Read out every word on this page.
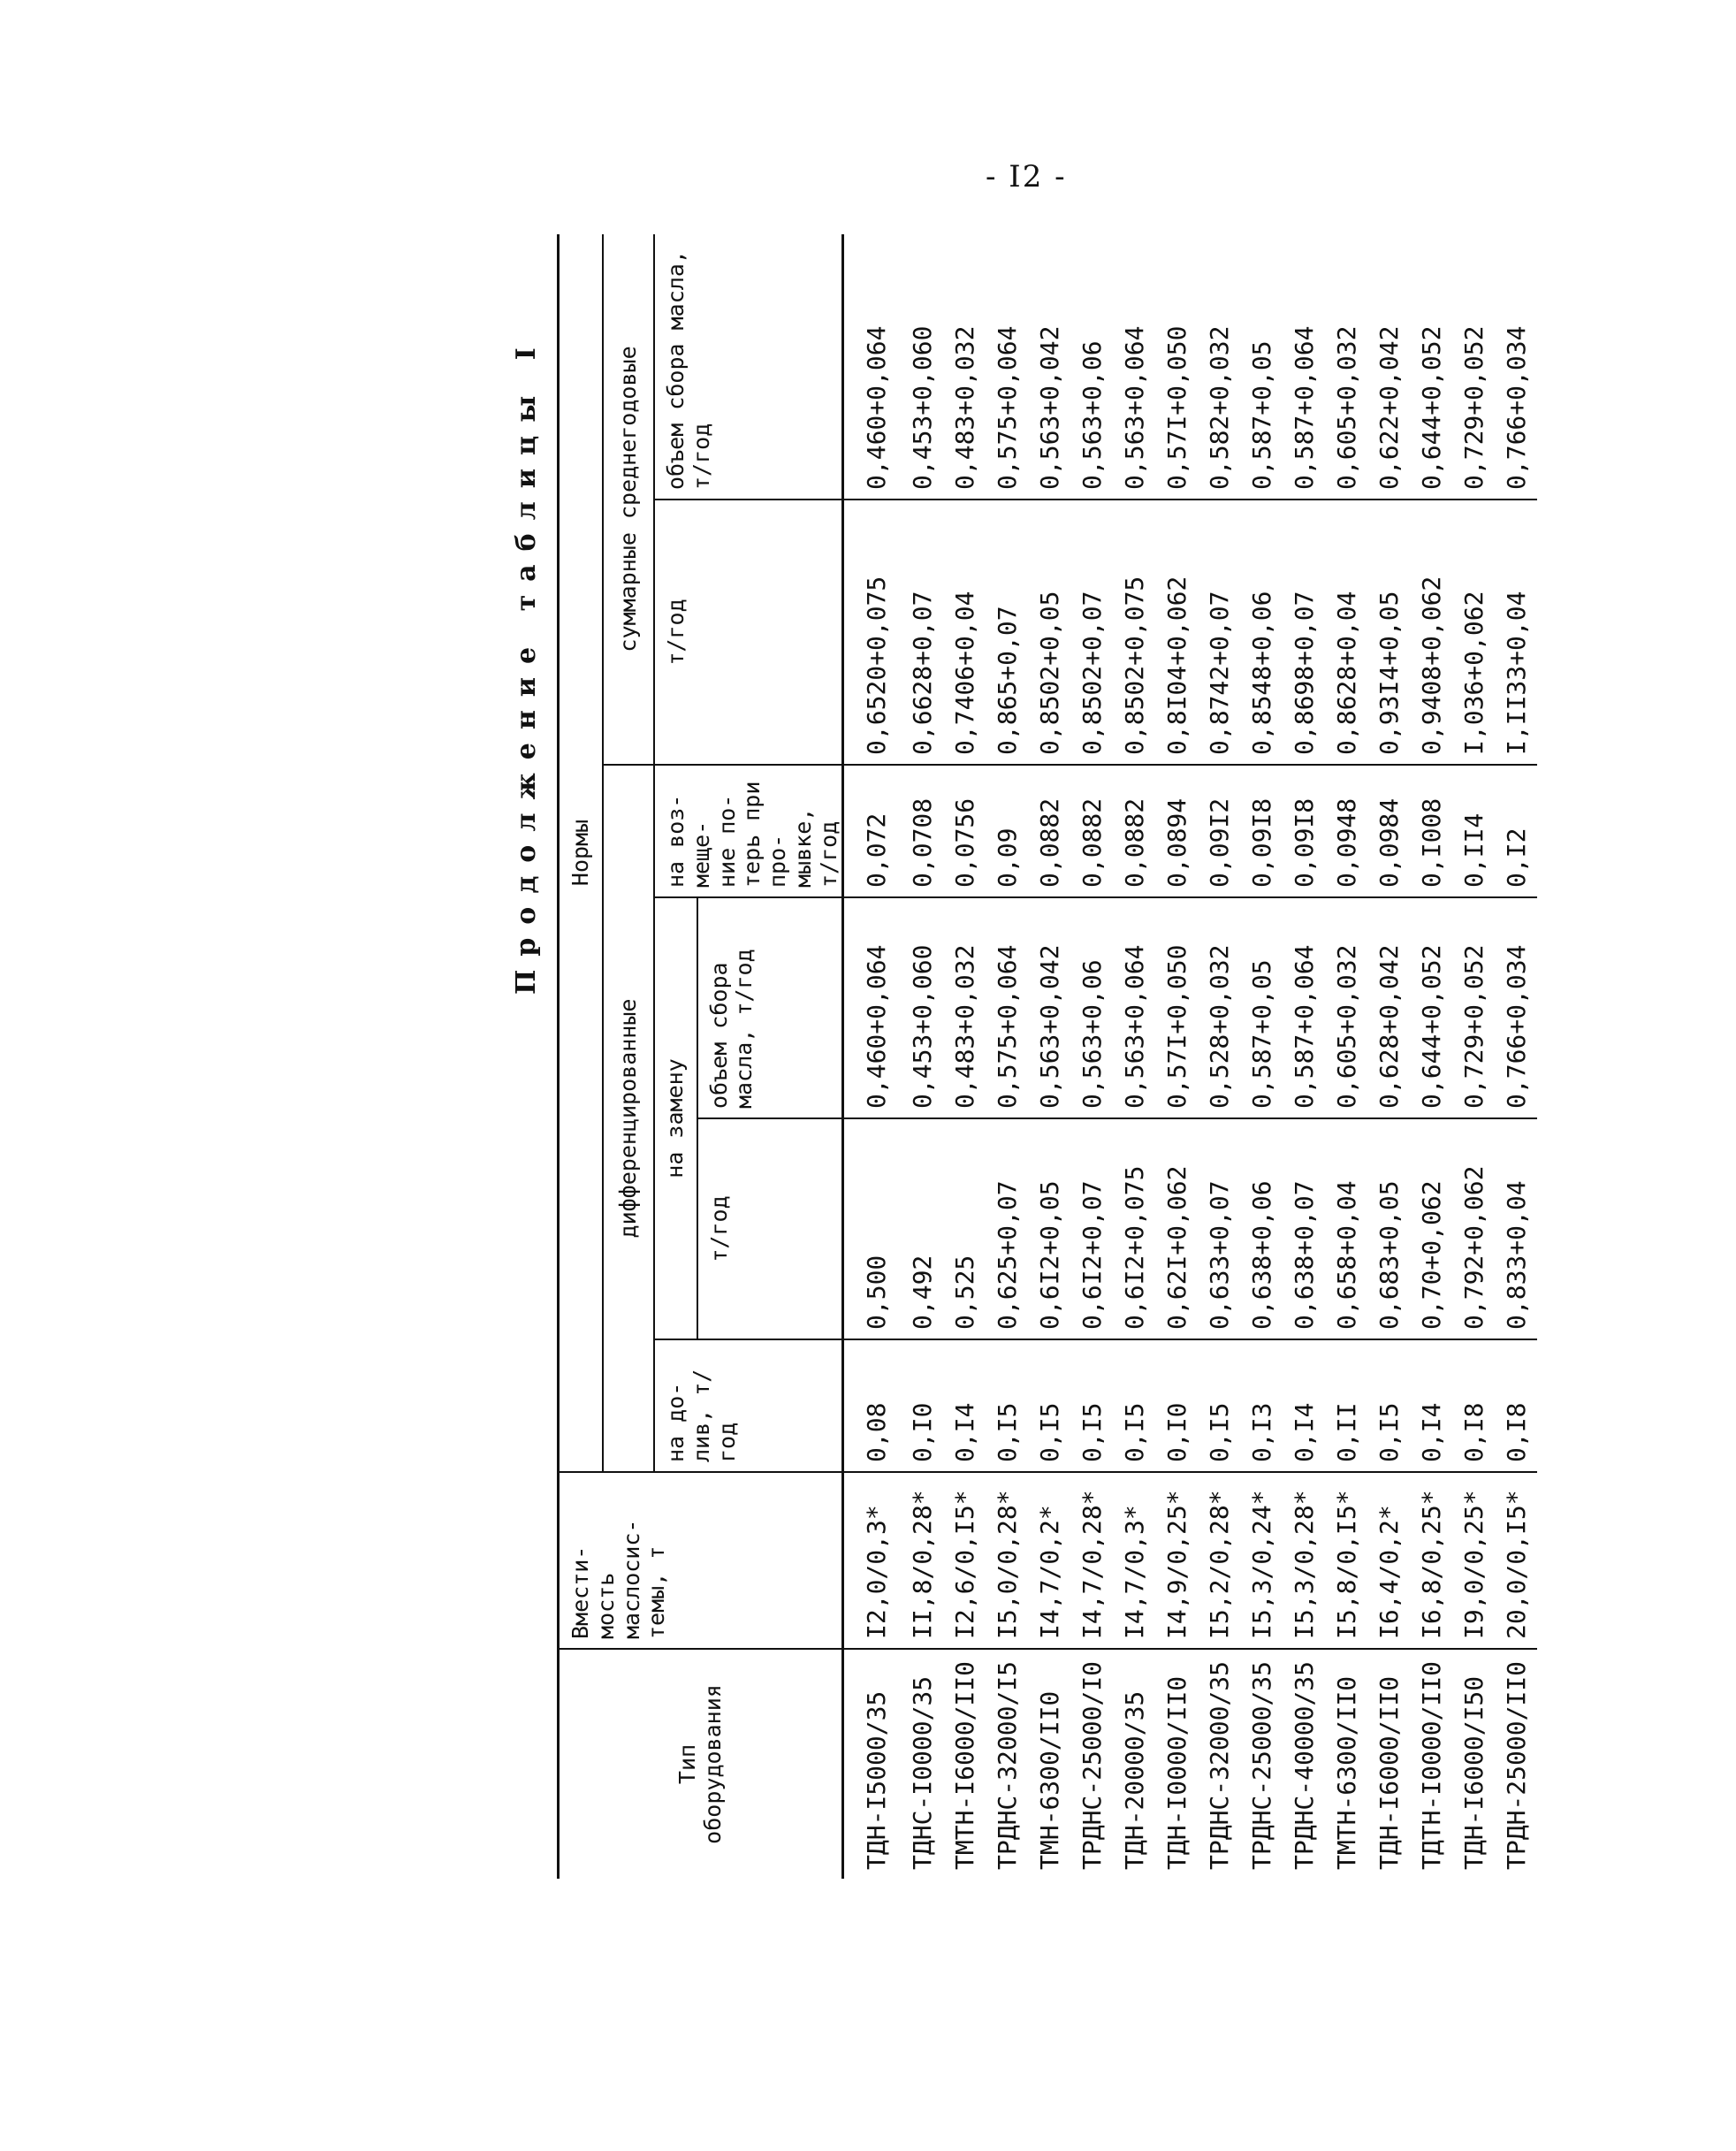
- I2 -
Продолжение таблицы I
Тип оборудования	Вмести- мость маслосис- темы, т	Нормы					
		дифференцированные				суммарные среднегодовые	
		на до- лив, т/год	на замену		на воз- меще- ние по- терь при про- мывке, т/год	т/год	объем сбора масла, т/год
			т/год	объем сбора масла, т/год			
ТДН-I5000/35	I2,0/0,3*	0,08	0,500	0,460+0,064	0,072	0,6520+0,075	0,460+0,064
ТДНС-I0000/35	II,8/0,28*	0,I0	0,492	0,453+0,060	0,0708	0,6628+0,07	0,453+0,060
ТМТН-I6000/II0	I2,6/0,I5*	0,I4	0,525	0,483+0,032	0,0756	0,7406+0,04	0,483+0,032
ТРДНС-32000/I5	I5,0/0,28*	0,I5	0,625+0,07	0,575+0,064	0,09	0,865+0,07	0,575+0,064
ТМН-6300/II0	I4,7/0,2*	0,I5	0,6I2+0,05	0,563+0,042	0,0882	0,8502+0,05	0,563+0,042
ТРДНС-25000/I0	I4,7/0,28*	0,I5	0,6I2+0,07	0,563+0,06	0,0882	0,8502+0,07	0,563+0,06
ТДН-20000/35	I4,7/0,3*	0,I5	0,6I2+0,075	0,563+0,064	0,0882	0,8502+0,075	0,563+0,064
ТДН-I0000/II0	I4,9/0,25*	0,I0	0,62I+0,062	0,57I+0,050	0,0894	0,8I04+0,062	0,57I+0,050
ТРДНС-32000/35	I5,2/0,28*	0,I5	0,633+0,07	0,528+0,032	0,09I2	0,8742+0,07	0,582+0,032
ТРДНС-25000/35	I5,3/0,24*	0,I3	0,638+0,06	0,587+0,05	0,09I8	0,8548+0,06	0,587+0,05
ТРДНС-40000/35	I5,3/0,28*	0,I4	0,638+0,07	0,587+0,064	0,09I8	0,8698+0,07	0,587+0,064
ТМТН-6300/II0	I5,8/0,I5*	0,II	0,658+0,04	0,605+0,032	0,0948	0,8628+0,04	0,605+0,032
ТДН-I6000/II0	I6,4/0,2*	0,I5	0,683+0,05	0,628+0,042	0,0984	0,93I4+0,05	0,622+0,042
ТДТН-I0000/II0	I6,8/0,25*	0,I4	0,70+0,062	0,644+0,052	0,I008	0,9408+0,062	0,644+0,052
ТДН-I6000/I50	I9,0/0,25*	0,I8	0,792+0,062	0,729+0,052	0,II4	I,036+0,062	0,729+0,052
ТРДН-25000/II0	20,0/0,I5*	0,I8	0,833+0,04	0,766+0,034	0,I2	I,II33+0,04	0,766+0,034
